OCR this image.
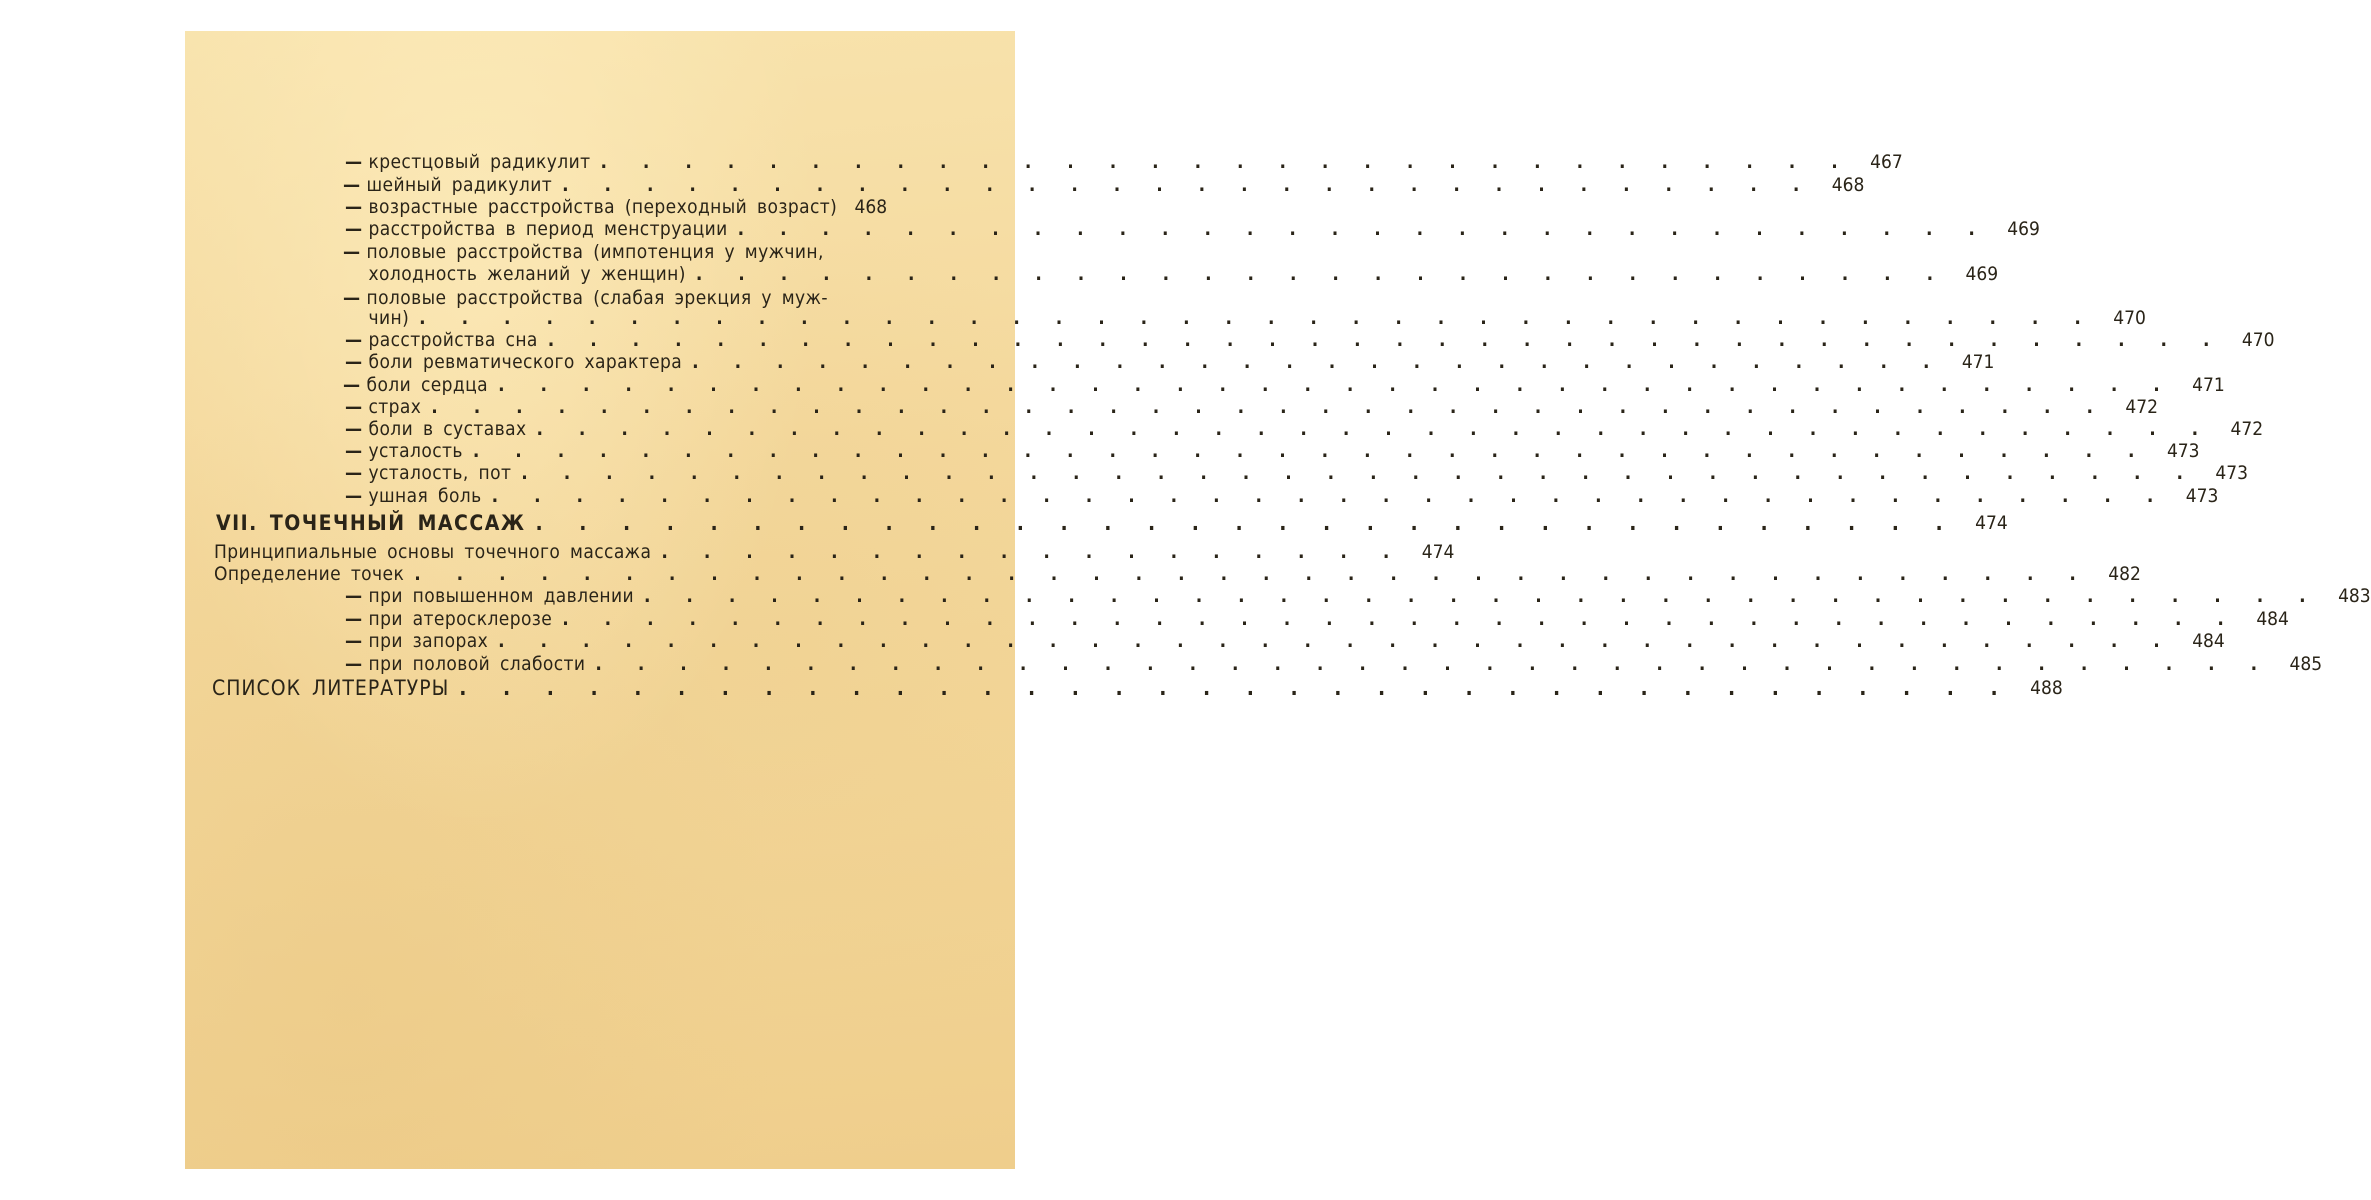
— крестцовый радикулит . . . . . . . . . . . . . . . . . . . . . . . . . . . . . . 467
— шейный радикулит . . . . . . . . . . . . . . . . . . . . . . . . . . . . . . 468
— возрастные расстройства (переходный возраст) 468
— расстройства в период менструации . . . . . . . . . . . . . . . . . . . . . . . . . . . . . . 469
— половые расстройства (импотенция у мужчин,
холодность желаний у женщин) . . . . . . . . . . . . . . . . . . . . . . . . . . . . . . 469
— половые расстройства (слабая эрекция у муж-
чин) . . . . . . . . . . . . . . . . . . . . . . . . . . . . . . . . . . . . . . . . 470
— расстройства сна . . . . . . . . . . . . . . . . . . . . . . . . . . . . . . . . . . . . . . . . 470
— боли ревматического характера . . . . . . . . . . . . . . . . . . . . . . . . . . . . . . 471
— боли сердца . . . . . . . . . . . . . . . . . . . . . . . . . . . . . . . . . . . . . . . . 471
— страх . . . . . . . . . . . . . . . . . . . . . . . . . . . . . . . . . . . . . . . . 472
— боли в суставах . . . . . . . . . . . . . . . . . . . . . . . . . . . . . . . . . . . . . . . . 472
— усталость . . . . . . . . . . . . . . . . . . . . . . . . . . . . . . . . . . . . . . . . 473
— усталость, пот . . . . . . . . . . . . . . . . . . . . . . . . . . . . . . . . . . . . . . . . 473
— ушная боль . . . . . . . . . . . . . . . . . . . . . . . . . . . . . . . . . . . . . . . . 473
VII. ТОЧЕЧНЫЙ МАССАЖ . . . . . . . . . . . . . . . . . . . . . . . . . . . . . . . . . 474
Принципиальные основы точечного массажа . . . . . . . . . . . . . . . . . . 474
Определение точек . . . . . . . . . . . . . . . . . . . . . . . . . . . . . . . . . . . . . . . . 482
— при повышенном давлении . . . . . . . . . . . . . . . . . . . . . . . . . . . . . . . . . . . . . . . . 483
— при атеросклерозе . . . . . . . . . . . . . . . . . . . . . . . . . . . . . . . . . . . . . . . . 484
— при запорах . . . . . . . . . . . . . . . . . . . . . . . . . . . . . . . . . . . . . . . . 484
— при половой слабости . . . . . . . . . . . . . . . . . . . . . . . . . . . . . . . . . . . . . . . . 485
СПИСОК ЛИТЕРАТУРЫ . . . . . . . . . . . . . . . . . . . . . . . . . . . . . . . . . . . . 488
